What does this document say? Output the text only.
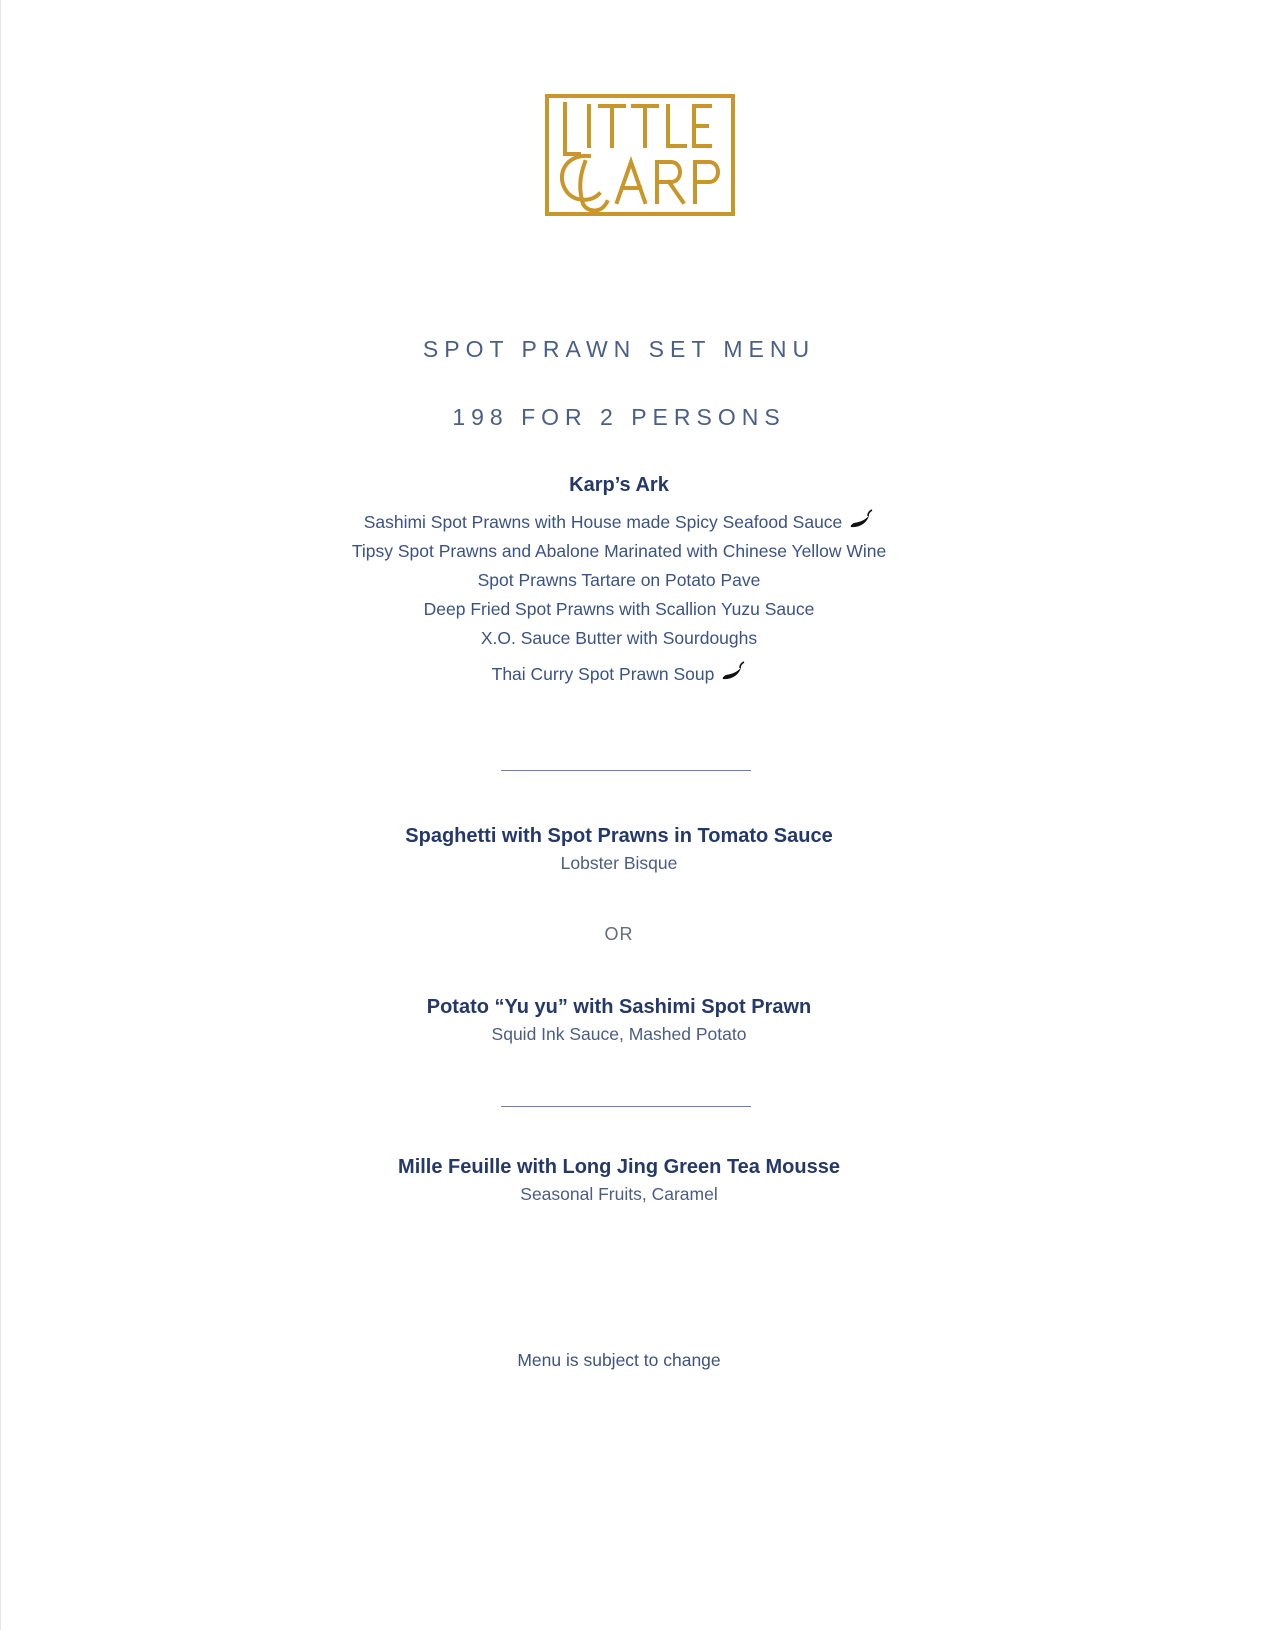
SPOT PRAWN SET MENU
198 FOR 2 PERSONS
Karp’s Ark
Sashimi Spot Prawns with House made Spicy Seafood Sauce
Tipsy Spot Prawns and Abalone Marinated with Chinese Yellow Wine
Spot Prawns Tartare on Potato Pave
Deep Fried Spot Prawns with Scallion Yuzu Sauce
X.O. Sauce Butter with Sourdoughs
Thai Curry Spot Prawn Soup
Spaghetti with Spot Prawns in Tomato Sauce
Lobster Bisque
OR
Potato “Yu yu” with Sashimi Spot Prawn
Squid Ink Sauce, Mashed Potato
Mille Feuille with Long Jing Green Tea Mousse
Seasonal Fruits, Caramel
Menu is subject to change
